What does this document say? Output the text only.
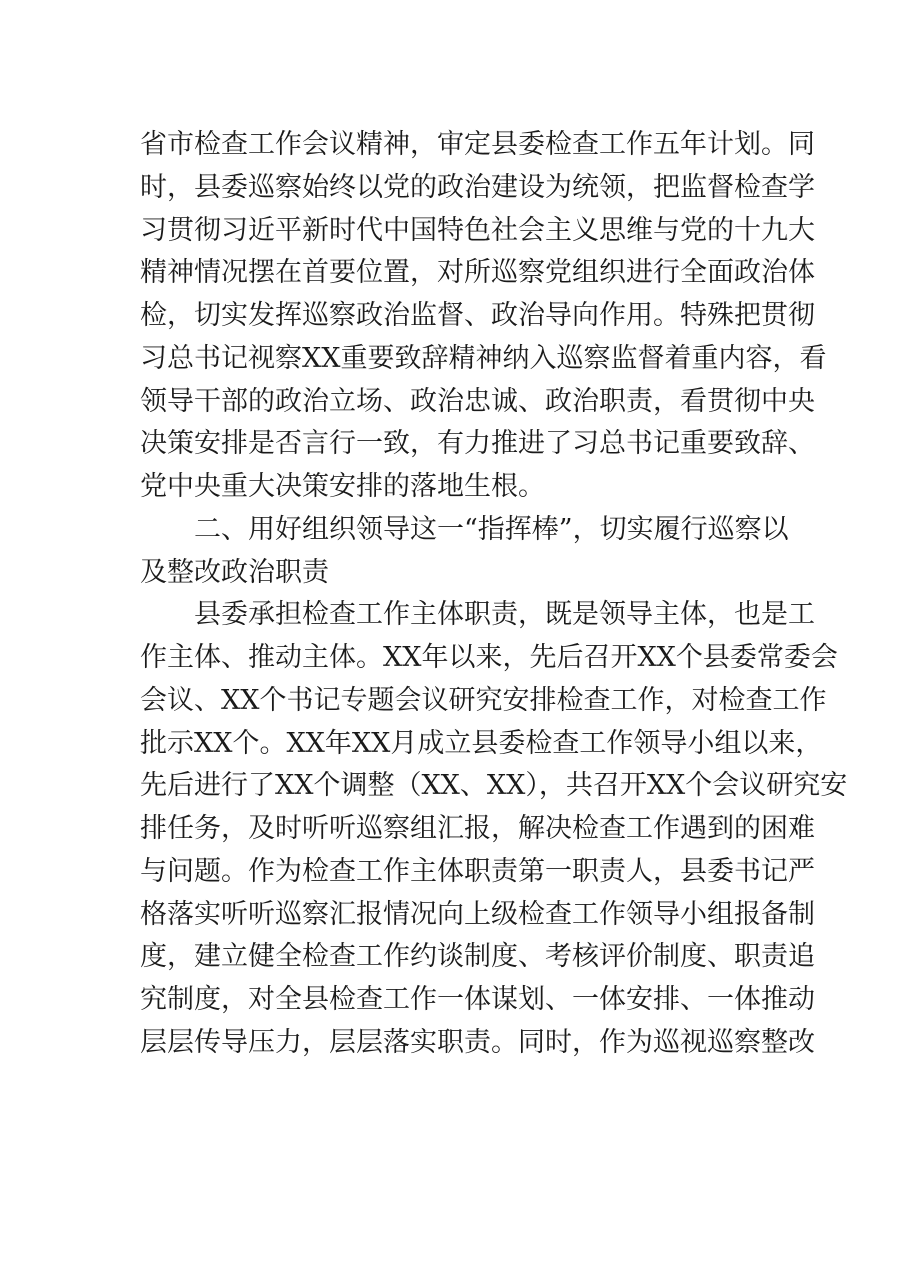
省市检查工作会议精神，审定县委检查工作五年计划。同
时，县委巡察始终以党的政治建设为统领，把监督检查学
习贯彻习近平新时代中国特色社会主义思维与党的十九大
精神情况摆在首要位置，对所巡察党组织进行全面政治体
检，切实发挥巡察政治监督、政治导向作用。特殊把贯彻
习总书记视察XX重要致辞精神纳入巡察监督着重内容，看
领导干部的政治立场、政治忠诚、政治职责，看贯彻中央
决策安排是否言行一致，有力推进了习总书记重要致辞、
党中央重大决策安排的落地生根。
二、用好组织领导这一“指挥棒”，切实履行巡察以
及整改政治职责
县委承担检查工作主体职责，既是领导主体，也是工
作主体、推动主体。XX年以来，先后召开XX个县委常委会
会议、XX个书记专题会议研究安排检查工作，对检查工作
批示XX个。XX年XX月成立县委检查工作领导小组以来，
先后进行了XX个调整（XX、XX），共召开XX个会议研究安
排任务，及时听听巡察组汇报，解决检查工作遇到的困难
与问题。作为检查工作主体职责第一职责人，县委书记严
格落实听听巡察汇报情况向上级检查工作领导小组报备制
度，建立健全检查工作约谈制度、考核评价制度、职责追
究制度，对全县检查工作一体谋划、一体安排、一体推动
层层传导压力，层层落实职责。同时，作为巡视巡察整改
